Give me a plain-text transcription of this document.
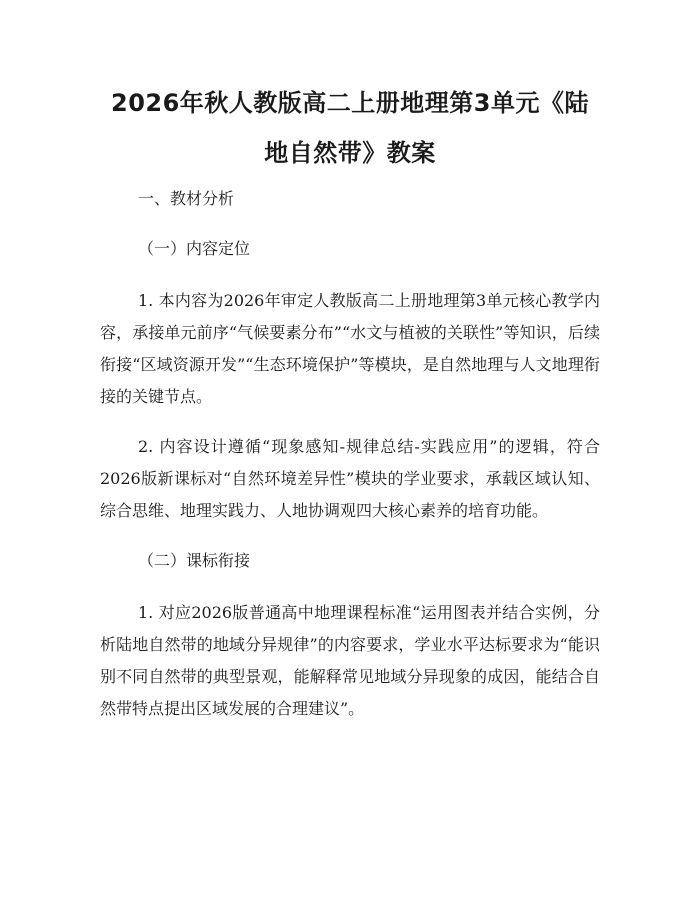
2026年秋人教版高二上册地理第3单元《陆地自然带》教案
一、教材分析
（一）内容定位

1. 本内容为2026年审定人教版高二上册地理第3单元核心教学内容，承接单元前序“气候要素分布”“水文与植被的关联性”等知识，后续衔接“区域资源开发”“生态环境保护”等模块，是自然地理与人文地理衔接的关键节点。

2. 内容设计遵循“现象感知-规律总结-实践应用”的逻辑，符合2026版新课标对“自然环境差异性”模块的学业要求，承载区域认知、综合思维、地理实践力、人地协调观四大核心素养的培育功能。

（二）课标衔接

1. 对应2026版普通高中地理课程标准“运用图表并结合实例，分析陆地自然带的地域分异规律”的内容要求，学业水平达标要求为“能识别不同自然带的典型景观，能解释常见地域分异现象的成因，能结合自然带特点提出区域发展的合理建议”。
